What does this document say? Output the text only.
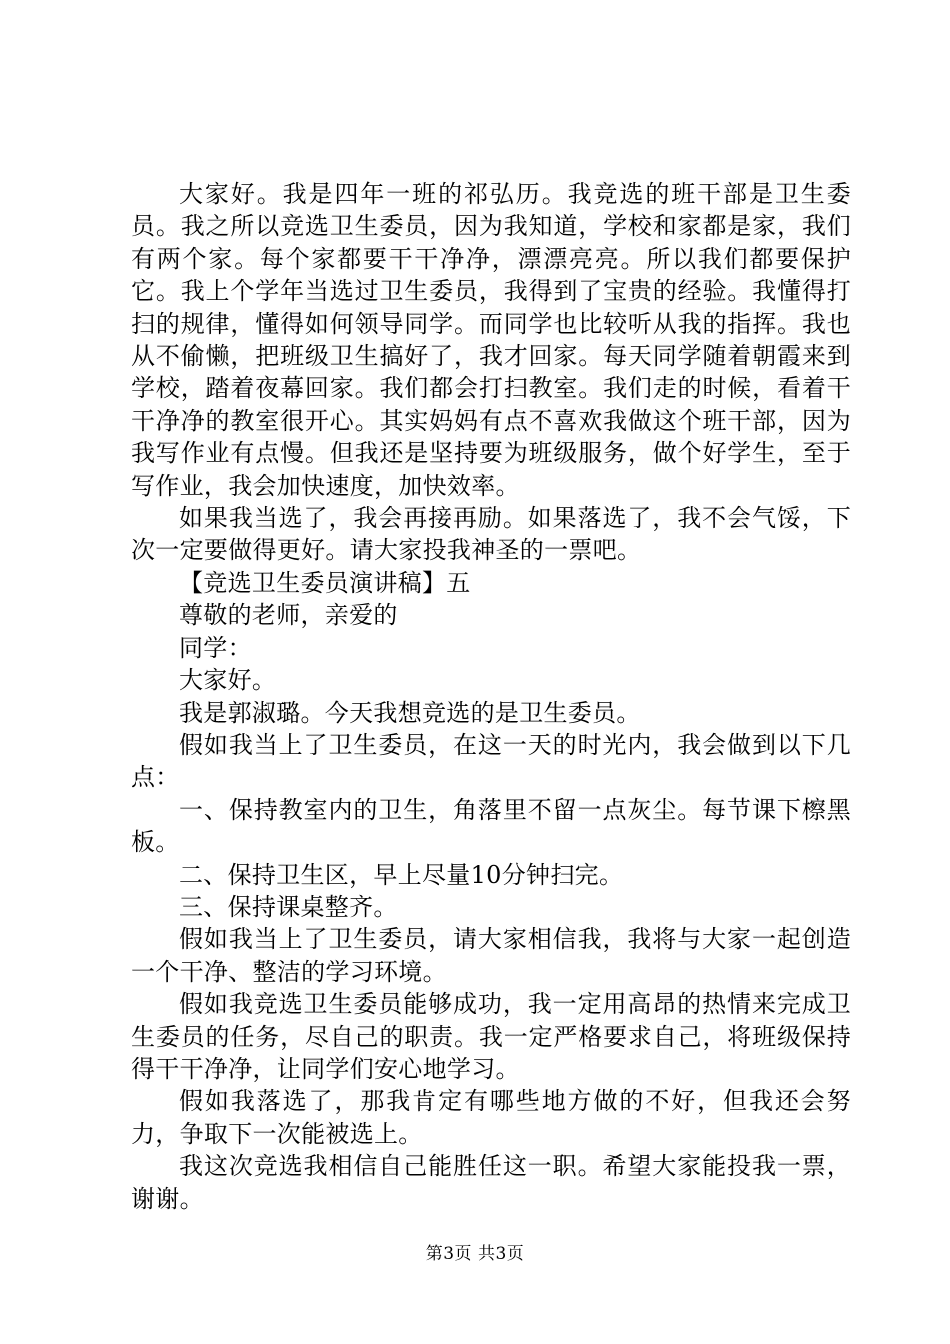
大家好。我是四年一班的祁弘历。我竞选的班干部是卫生委员。我之所以竞选卫生委员，因为我知道，学校和家都是家，我们有两个家。每个家都要干干净净，漂漂亮亮。所以我们都要保护它。我上个学年当选过卫生委员，我得到了宝贵的经验。我懂得打扫的规律，懂得如何领导同学。而同学也比较听从我的指挥。我也从不偷懒，把班级卫生搞好了，我才回家。每天同学随着朝霞来到学校，踏着夜幕回家。我们都会打扫教室。我们走的时候，看着干干净净的教室很开心。其实妈妈有点不喜欢我做这个班干部，因为我写作业有点慢。但我还是坚持要为班级服务，做个好学生，至于写作业，我会加快速度，加快效率。

如果我当选了，我会再接再励。如果落选了，我不会气馁，下次一定要做得更好。请大家投我神圣的一票吧。

【竞选卫生委员演讲稿】五

尊敬的老师，亲爱的

同学：

大家好。

我是郭淑璐。今天我想竞选的是卫生委员。

假如我当上了卫生委员，在这一天的时光内，我会做到以下几点：

一、保持教室内的卫生，角落里不留一点灰尘。每节课下檫黑板。

二、保持卫生区，早上尽量10分钟扫完。

三、保持课桌整齐。

假如我当上了卫生委员，请大家相信我，我将与大家一起创造一个干净、整洁的学习环境。

假如我竞选卫生委员能够成功，我一定用高昂的热情来完成卫生委员的任务，尽自己的职责。我一定严格要求自己，将班级保持得干干净净，让同学们安心地学习。

假如我落选了，那我肯定有哪些地方做的不好，但我还会努力，争取下一次能被选上。

我这次竞选我相信自己能胜任这一职。希望大家能投我一票，谢谢。

第3页 共3页
